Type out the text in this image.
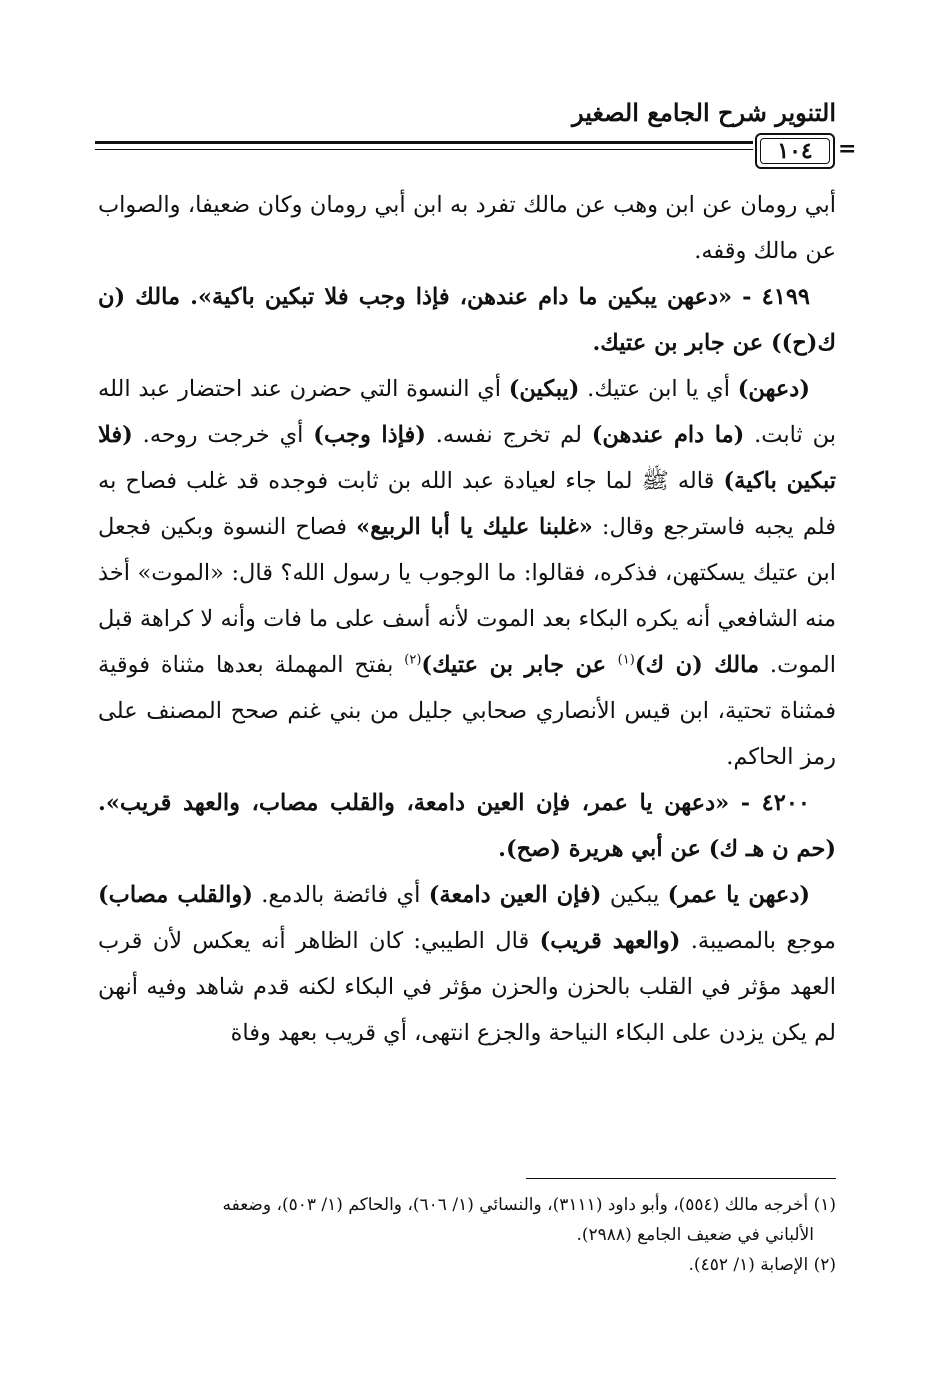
التنوير شرح الجامع الصغير
١٠٤ =

أبي رومان عن ابن وهب عن مالك تفرد به ابن أبي رومان وكان ضعيفا، والصواب عن مالك وقفه.

٤١٩٩ - «دعهن يبكين ما دام عندهن، فإذا وجب فلا تبكين باكية». مالك (ن ك(ح)) عن جابر بن عتيك.

(دعهن) أي يا ابن عتيك. (يبكين) أي النسوة التي حضرن عند احتضار عبد الله بن ثابت. (ما دام عندهن) لم تخرج نفسه. (فإذا وجب) أي خرجت روحه. (فلا تبكين باكية) قاله ﷺ لما جاء لعيادة عبد الله بن ثابت فوجده قد غلب فصاح به فلم يجبه فاسترجع وقال: «غلبنا عليك يا أبا الربيع» فصاح النسوة وبكين فجعل ابن عتيك يسكتهن، فذكره، فقالوا: ما الوجوب يا رسول الله؟ قال: «الموت» أخذ منه الشافعي أنه يكره البكاء بعد الموت لأنه أسف على ما فات وأنه لا كراهة قبل الموت. مالك (ن ك)$^{(١)}$ عن جابر بن عتيك)$^{(٢)}$ بفتح المهملة بعدها مثناة فوقية فمثناة تحتية، ابن قيس الأنصاري صحابي جليل من بني غنم صحح المصنف على رمز الحاكم.

٤٢٠٠ - «دعهن يا عمر، فإن العين دامعة، والقلب مصاب، والعهد قريب». (حم ن هـ ك) عن أبي هريرة (صح).

(دعهن يا عمر) يبكين (فإن العين دامعة) أي فائضة بالدمع. (والقلب مصاب) موجع بالمصيبة. (والعهد قريب) قال الطيبي: كان الظاهر أنه يعكس لأن قرب العهد مؤثر في القلب بالحزن والحزن مؤثر في البكاء لكنه قدم شاهد وفيه أنهن لم يكن يزدن على البكاء النياحة والجزع انتهى، أي قريب بعهد وفاة

(١) أخرجه مالك (٥٥٤)، وأبو داود (٣١١١)، والنسائي (١/ ٦٠٦)، والحاكم (١/ ٥٠٣)، وضعفه

الألباني في ضعيف الجامع (٢٩٨٨).

(٢) الإصابة (١/ ٤٥٢).
